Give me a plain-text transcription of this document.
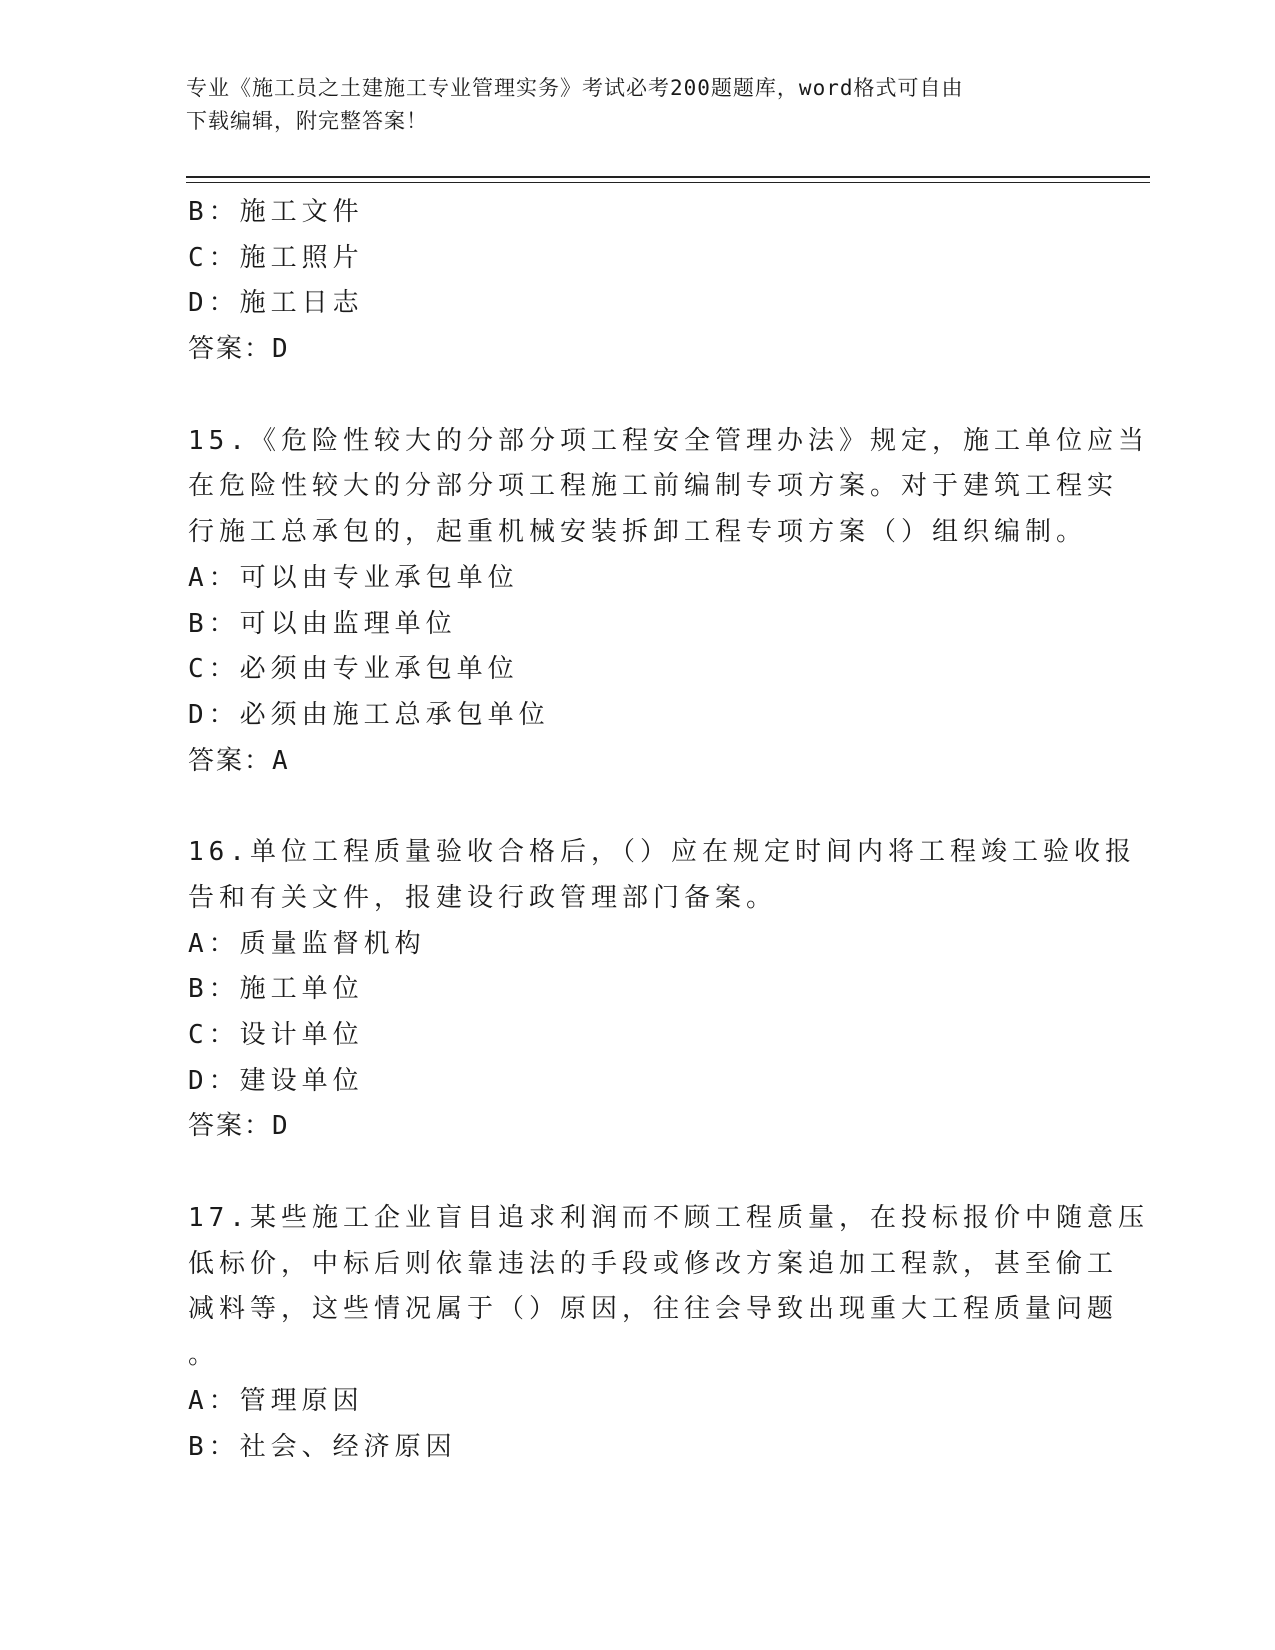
专业《施工员之土建施工专业管理实务》考试必考200题题库，word格式可自由
下载编辑，附完整答案！
B：施工文件
C：施工照片
D：施工日志
答案：D
15.《危险性较大的分部分项工程安全管理办法》规定，施工单位应当
在危险性较大的分部分项工程施工前编制专项方案。对于建筑工程实
行施工总承包的，起重机械安装拆卸工程专项方案（）组织编制。
A：可以由专业承包单位
B：可以由监理单位
C：必须由专业承包单位
D：必须由施工总承包单位
答案：A
16.单位工程质量验收合格后，（）应在规定时间内将工程竣工验收报
告和有关文件，报建设行政管理部门备案。
A：质量监督机构
B：施工单位
C：设计单位
D：建设单位
答案：D
17.某些施工企业盲目追求利润而不顾工程质量，在投标报价中随意压
低标价，中标后则依靠违法的手段或修改方案追加工程款，甚至偷工
减料等，这些情况属于（）原因，往往会导致出现重大工程质量问题
。
A：管理原因
B：社会、经济原因
